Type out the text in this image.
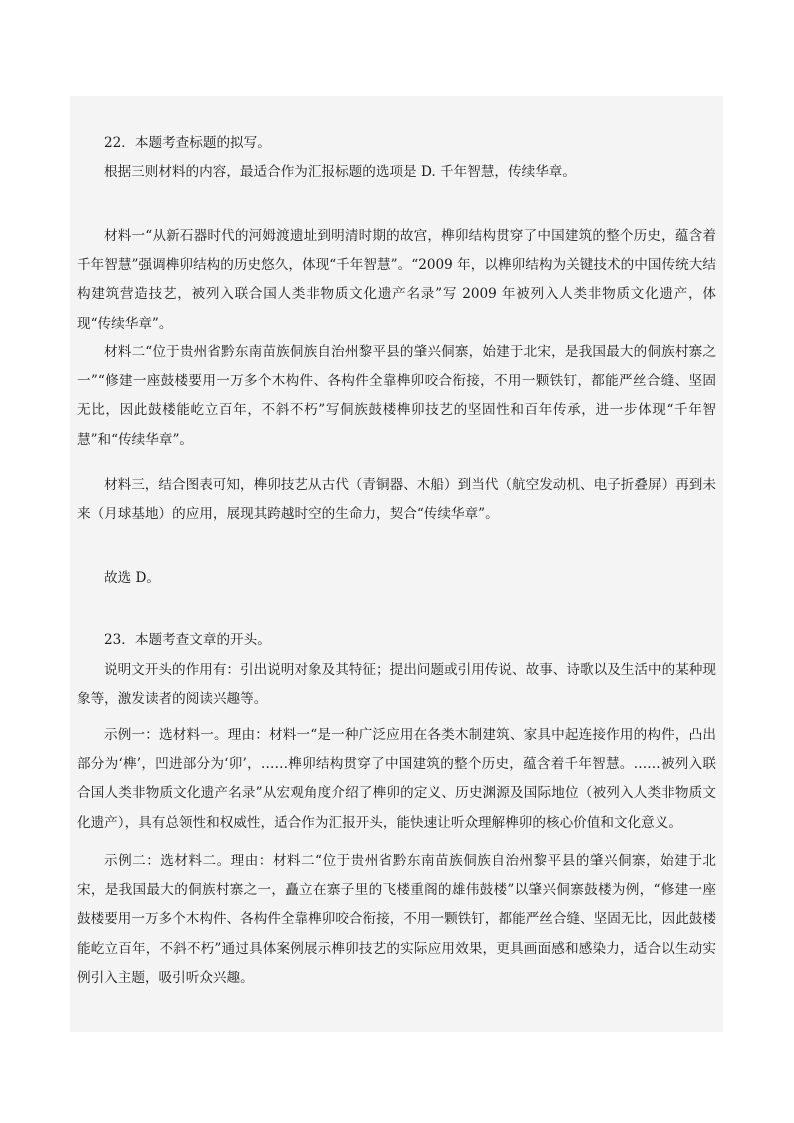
22．本题考查标题的拟写。

根据三则材料的内容，最适合作为汇报标题的选项是 D. 千年智慧，传续华章。

材料一“从新石器时代的河姆渡遗址到明清时期的故宫，榫卯结构贯穿了中国建筑的整个历史，蕴含着千年智慧”强调榫卯结构的历史悠久，体现“千年智慧”。“2009 年，以榫卯结构为关键技术的中国传统大结构建筑营造技艺，被列入联合国人类非物质文化遗产名录”写 2009 年被列入人类非物质文化遗产，体现“传续华章”。

材料二“位于贵州省黔东南苗族侗族自治州黎平县的肇兴侗寨，始建于北宋，是我国最大的侗族村寨之一”“修建一座鼓楼要用一万多个木构件、各构件全靠榫卯咬合衔接，不用一颗铁钉，都能严丝合缝、坚固无比，因此鼓楼能屹立百年，不斜不朽”写侗族鼓楼榫卯技艺的坚固性和百年传承，进一步体现“千年智慧”和“传续华章”。

材料三，结合图表可知，榫卯技艺从古代（青铜器、木船）到当代（航空发动机、电子折叠屏）再到未来（月球基地）的应用，展现其跨越时空的生命力，契合“传续华章”。

故选 D。

23．本题考查文章的开头。

说明文开头的作用有：引出说明对象及其特征；提出问题或引用传说、故事、诗歌以及生活中的某种现象等，激发读者的阅读兴趣等。

示例一：选材料一。理由：材料一“是一种广泛应用在各类木制建筑、家具中起连接作用的构件，凸出部分为‘榫’，凹进部分为‘卯’，……榫卯结构贯穿了中国建筑的整个历史，蕴含着千年智慧。……被列入联合国人类非物质文化遗产名录”从宏观角度介绍了榫卯的定义、历史渊源及国际地位（被列入人类非物质文化遗产），具有总领性和权威性，适合作为汇报开头，能快速让听众理解榫卯的核心价值和文化意义。

示例二：选材料二。理由：材料二“位于贵州省黔东南苗族侗族自治州黎平县的肇兴侗寨，始建于北宋，是我国最大的侗族村寨之一，矗立在寨子里的飞楼重阁的雄伟鼓楼”以肇兴侗寨鼓楼为例，“修建一座鼓楼要用一万多个木构件、各构件全靠榫卯咬合衔接，不用一颗铁钉，都能严丝合缝、坚固无比，因此鼓楼能屹立百年，不斜不朽”通过具体案例展示榫卯技艺的实际应用效果，更具画面感和感染力，适合以生动实例引入主题，吸引听众兴趣。
